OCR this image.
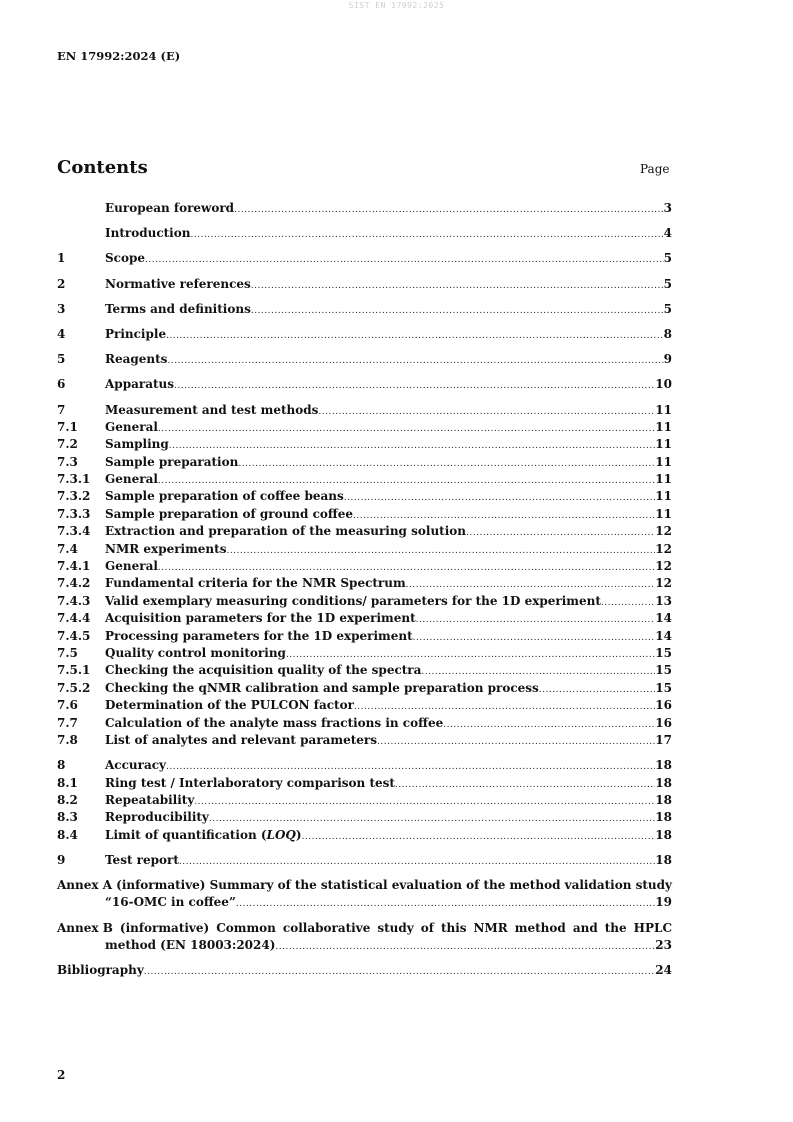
SIST EN 17992:2025
EN 17992:2024 (E)
Contents	Page
European foreword .....	3
Introduction .....	4
1	Scope .....	5
2	Normative references .....	5
3	Terms and definitions .....	5
4	Principle .....	8
5	Reagents .....	9
6	Apparatus .....	10
7	Measurement and test methods .....	11
7.1	General .....	11
7.2	Sampling .....	11
7.3	Sample preparation .....	11
7.3.1	General .....	11
7.3.2	Sample preparation of coffee beans .....	11
7.3.3	Sample preparation of ground coffee .....	11
7.3.4	Extraction and preparation of the measuring solution .....	12
7.4	NMR experiments .....	12
7.4.1	General .....	12
7.4.2	Fundamental criteria for the NMR Spectrum .....	12
7.4.3	Valid exemplary measuring conditions/ parameters for the 1D experiment .....	13
7.4.4	Acquisition parameters for the 1D experiment .....	14
7.4.5	Processing parameters for the 1D experiment .....	14
7.5	Quality control monitoring .....	15
7.5.1	Checking the acquisition quality of the spectra .....	15
7.5.2	Checking the qNMR calibration and sample preparation process .....	15
7.6	Determination of the PULCON factor .....	16
7.7	Calculation of the analyte mass fractions in coffee .....	16
7.8	List of analytes and relevant parameters .....	17
8	Accuracy .....	18
8.1	Ring test / Interlaboratory comparison test .....	18
8.2	Repeatability .....	18
8.3	Reproducibility .....	18
8.4	Limit of quantification ( LOQ ) .....	18
9	Test report .....	18
Annex A (informative) Summary of the statistical evaluation of the method validation study
“16-OMC in coffee” .....	19
Annex B (informative) Common collaborative study of this NMR method and the HPLC
method (EN 18003:2024) .....	23
Bibliography .....	24
2
